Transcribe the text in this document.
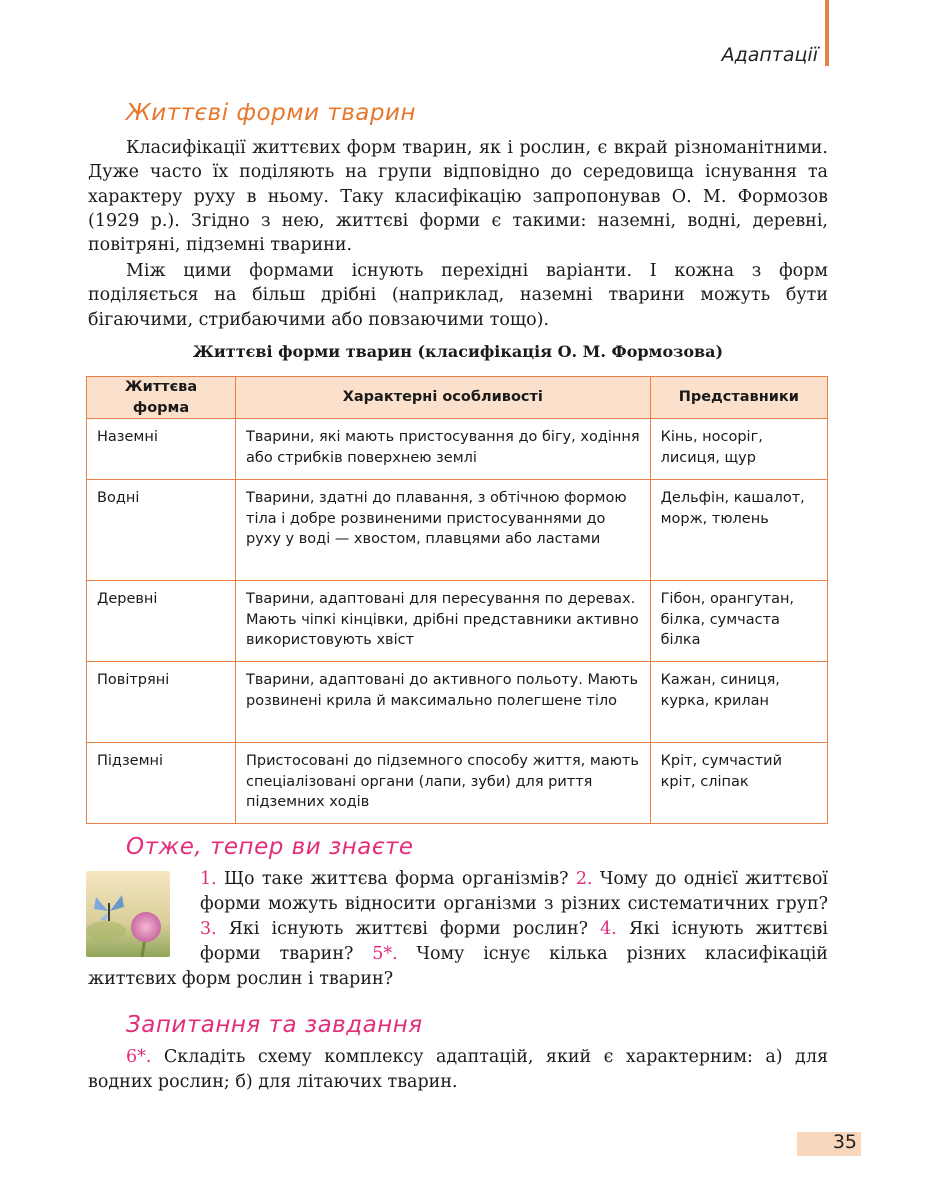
Адаптації
Життєві форми тварин

Класифікації життєвих форм тварин, як і рослин, є вкрай різноманітними. Дуже часто їх поділяють на групи відповідно до середовища існування та характеру руху в ньому. Таку класифікацію запропонував О. М. Формозов (1929 р.). Згідно з нею, життєві форми є такими: наземні, водні, деревні, повітряні, підземні тварини.

Між цими формами існують перехідні варіанти. І кожна з форм поділяється на більш дрібні (наприклад, наземні тварини можуть бути бігаючими, стрибаючими або повзаючими тощо).

Життєві форми тварин (класифікація О. М. Формозова)
Життєва форма	Характерні особливості	Представники
Наземні	Тварини, які мають пристосування до бігу, ходіння або стрибків поверхнею землі	Кінь, носоріг, лисиця, щур
Водні	Тварини, здатні до плавання, з обтічною формою тіла і добре розвиненими пристосуваннями до руху у воді — хвостом, плавцями або ластами	Дельфін, кашалот, морж, тюлень
Деревні	Тварини, адаптовані для пересування по деревах. Мають чіпкі кінцівки, дрібні представники активно використовують хвіст	Гібон, орангутан, білка, сумчаста білка
Повітряні	Тварини, адаптовані до активного польоту. Мають розвинені крила й максимально полегшене тіло	Кажан, синиця, курка, крилан
Підземні	Пристосовані до підземного способу життя, мають спеціалізовані органи (лапи, зуби) для риття підземних ходів	Кріт, сумчастий кріт, сліпак
Отже, тепер ви знаєте

1. Що таке життєва форма організмів? 2. Чому до однієї життєвої форми можуть відносити організми з різних систематичних груп? 3. Які існують життєві форми рослин? 4. Які існують життєві форми тварин? 5*. Чому існує кілька різних класифікацій життєвих форм рослин і тварин?

Запитання та завдання

6*. Складіть схему комплексу адаптацій, який є характерним: а) для водних рослин; б) для літаючих тварин.

35
